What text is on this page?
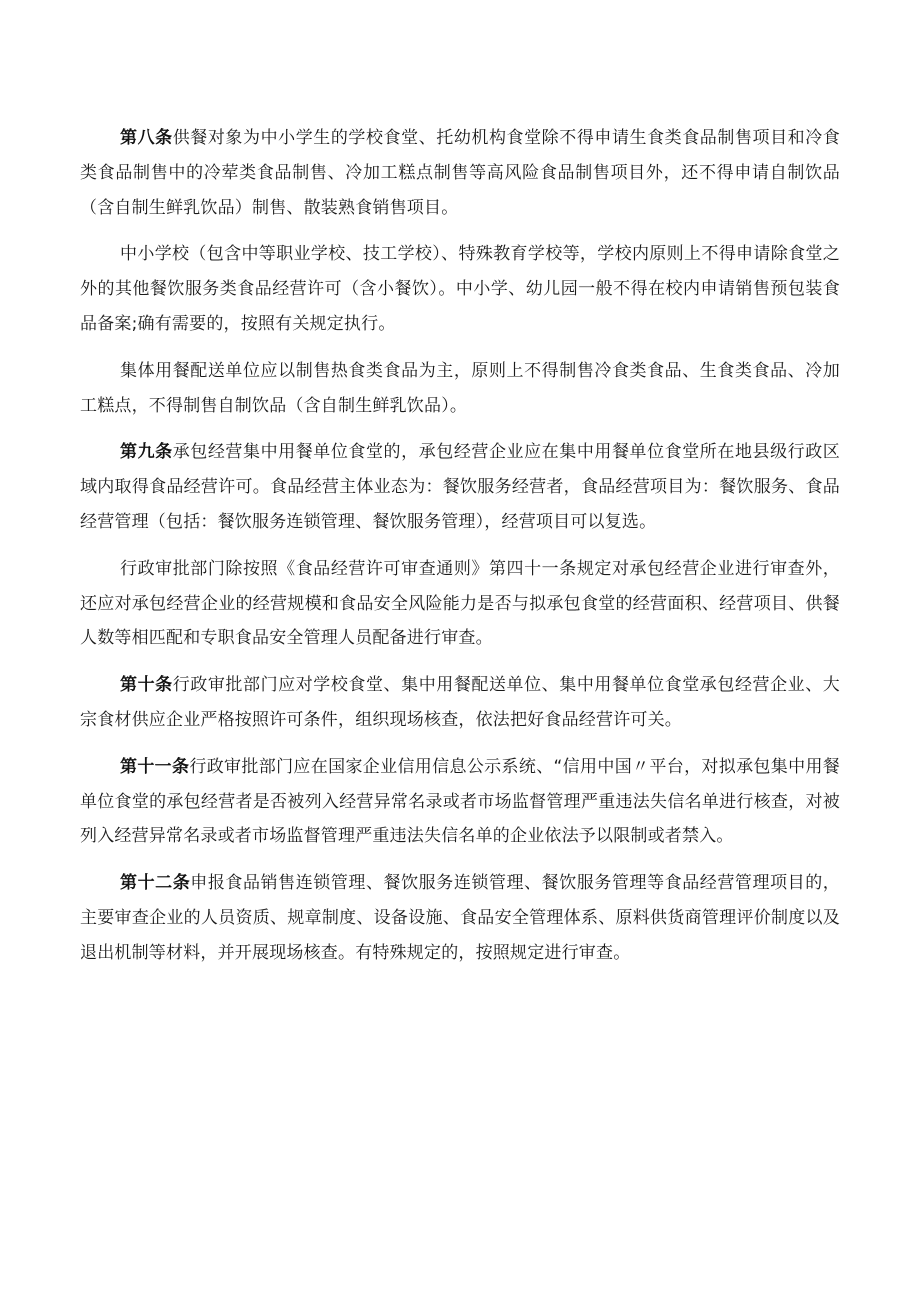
第八条供餐对象为中小学生的学校食堂、托幼机构食堂除不得申请生食类食品制售项目和冷食类食品制售中的冷荤类食品制售、冷加工糕点制售等高风险食品制售项目外，还不得申请自制饮品（含自制生鲜乳饮品）制售、散装熟食销售项目。

中小学校（包含中等职业学校、技工学校）、特殊教育学校等，学校内原则上不得申请除食堂之外的其他餐饮服务类食品经营许可（含小餐饮）。中小学、幼儿园一般不得在校内申请销售预包装食品备案;确有需要的，按照有关规定执行。

集体用餐配送单位应以制售热食类食品为主，原则上不得制售冷食类食品、生食类食品、冷加工糕点，不得制售自制饮品（含自制生鲜乳饮品）。

第九条承包经营集中用餐单位食堂的，承包经营企业应在集中用餐单位食堂所在地县级行政区域内取得食品经营许可。食品经营主体业态为：餐饮服务经营者，食品经营项目为：餐饮服务、食品经营管理（包括：餐饮服务连锁管理、餐饮服务管理），经营项目可以复选。

行政审批部门除按照《食品经营许可审查通则》第四十一条规定对承包经营企业进行审查外，还应对承包经营企业的经营规模和食品安全风险能力是否与拟承包食堂的经营面积、经营项目、供餐人数等相匹配和专职食品安全管理人员配备进行审查。

第十条行政审批部门应对学校食堂、集中用餐配送单位、集中用餐单位食堂承包经营企业、大宗食材供应企业严格按照许可条件，组织现场核查，依法把好食品经营许可关。

第十一条行政审批部门应在国家企业信用信息公示系统、“信用中国〃平台，对拟承包集中用餐单位食堂的承包经营者是否被列入经营异常名录或者市场监督管理严重违法失信名单进行核查，对被列入经营异常名录或者市场监督管理严重违法失信名单的企业依法予以限制或者禁入。

第十二条申报食品销售连锁管理、餐饮服务连锁管理、餐饮服务管理等食品经营管理项目的，主要审查企业的人员资质、规章制度、设备设施、食品安全管理体系、原料供货商管理评价制度以及退出机制等材料，并开展现场核查。有特殊规定的，按照规定进行审查。
